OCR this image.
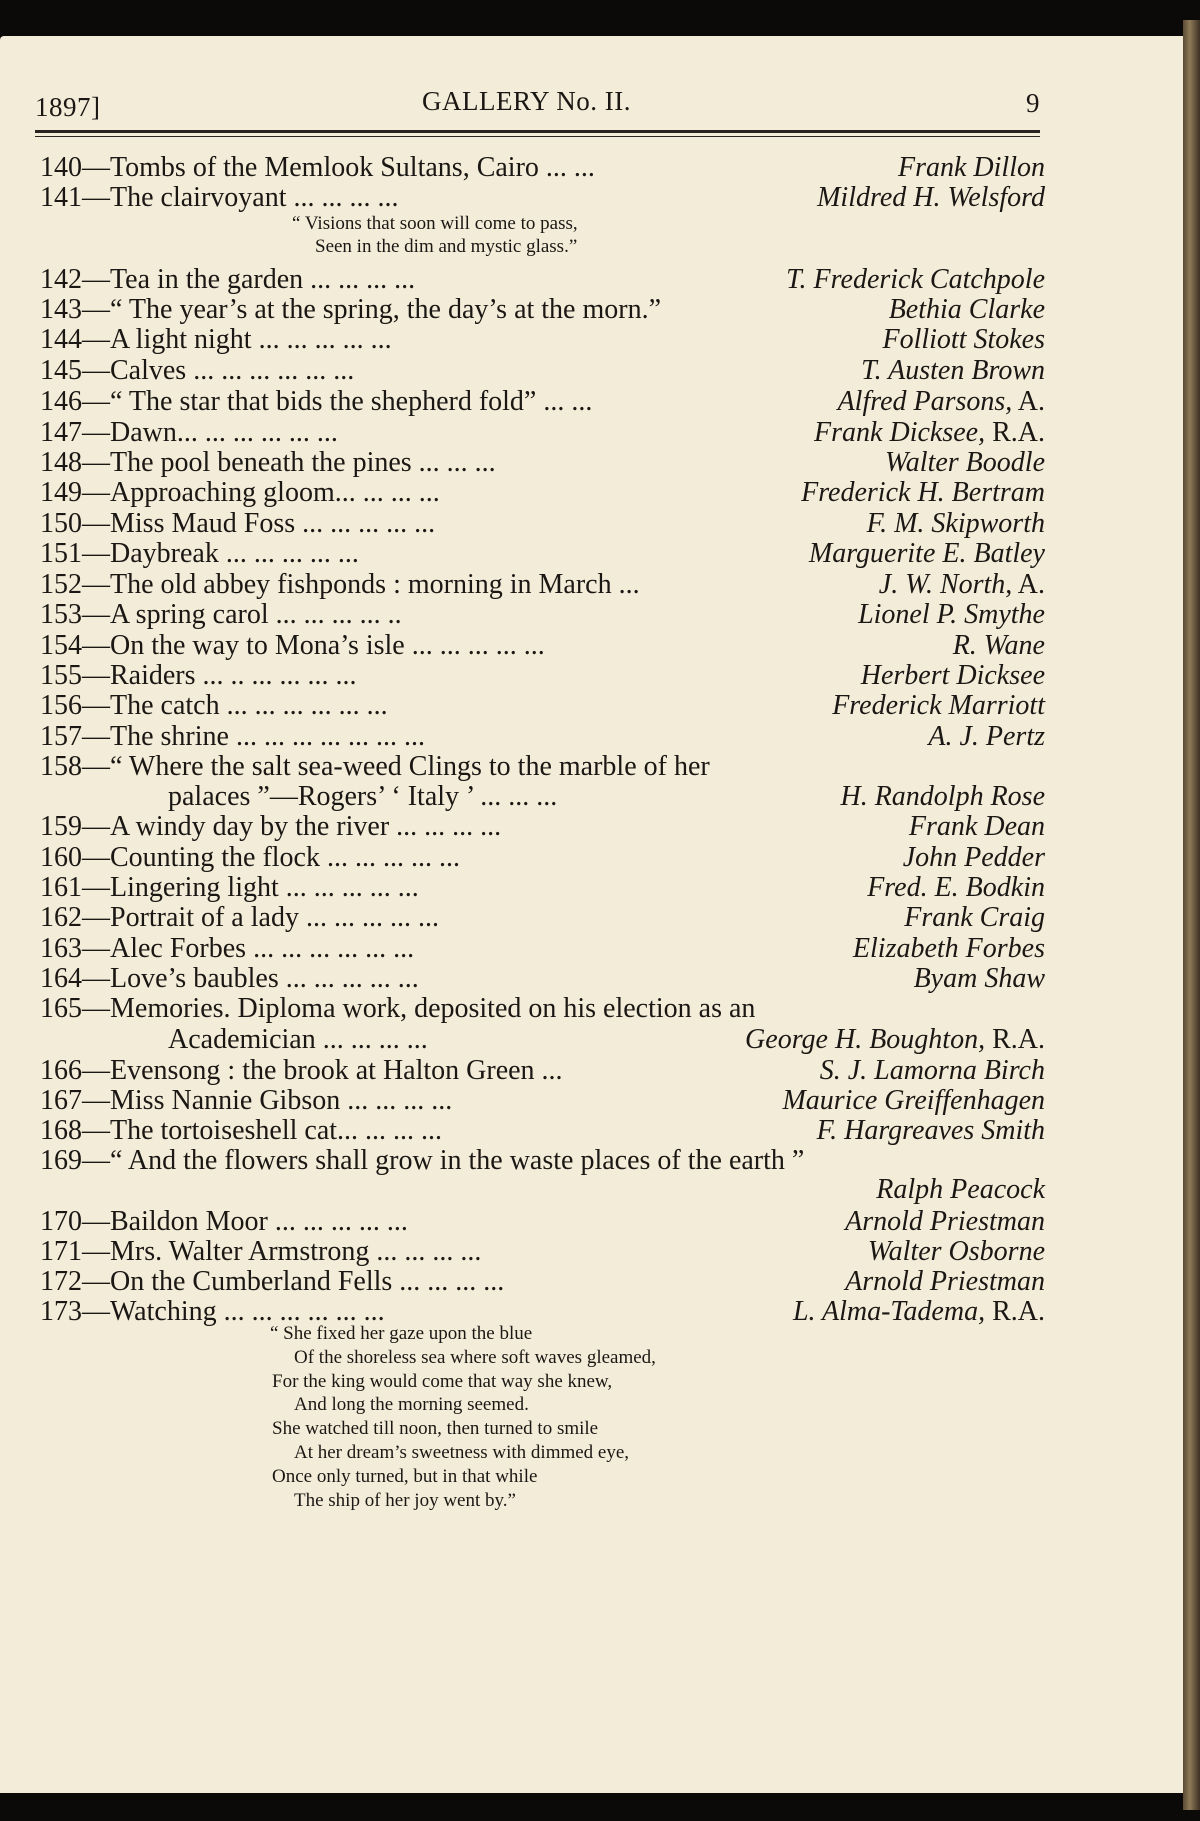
1897]	GALLERY No. II.	9
140—Tombs of the Memlook Sultans, Cairo ... ...	Frank Dillon
141—The clairvoyant ... ... ... ...	Mildred H. Welsford
142—Tea in the garden ... ... ... ...	T. Frederick Catchpole
143—“ The year’s at the spring, the day’s at the morn.”	Bethia Clarke
144—A light night ... ... ... ... ...	Folliott Stokes
145—Calves ... ... ... ... ... ...	T. Austen Brown
146—“ The star that bids the shepherd fold” ... ...	Alfred Parsons, A.
147—Dawn... ... ... ... ... ...	Frank Dicksee, R.A.
148—The pool beneath the pines ... ... ...	Walter Boodle
149—Approaching gloom... ... ... ...	Frederick H. Bertram
150—Miss Maud Foss ... ... ... ... ...	F. M. Skipworth
151—Daybreak ... ... ... ... ...	Marguerite E. Batley
152—The old abbey fishponds : morning in March ...	J. W. North, A.
153—A spring carol ... ... ... ... ..	Lionel P. Smythe
154—On the way to Mona’s isle ... ... ... ... ...	R. Wane
155—Raiders ... .. ... ... ... ...	Herbert Dicksee
156—The catch ... ... ... ... ... ...	Frederick Marriott
157—The shrine ... ... ... ... ... ... ...	A. J. Pertz
158—“ Where the salt sea-weed Clings to the marble of her
palaces ”—Rogers’ ‘ Italy ’ ... ... ...	H. Randolph Rose
159—A windy day by the river ... ... ... ...	Frank Dean
160—Counting the flock ... ... ... ... ...	John Pedder
161—Lingering light ... ... ... ... ...	Fred. E. Bodkin
162—Portrait of a lady ... ... ... ... ...	Frank Craig
163—Alec Forbes ... ... ... ... ... ...	Elizabeth Forbes
164—Love’s baubles ... ... ... ... ...	Byam Shaw
165—Memories. Diploma work, deposited on his election as an
Academician ... ... ... ...	George H. Boughton, R.A.
166—Evensong : the brook at Halton Green ...	S. J. Lamorna Birch
167—Miss Nannie Gibson ... ... ... ...	Maurice Greiffenhagen
168—The tortoiseshell cat... ... ... ...	F. Hargreaves Smith
169—“ And the flowers shall grow in the waste places of the earth ”
Ralph Peacock
170—Baildon Moor ... ... ... ... ...	Arnold Priestman
171—Mrs. Walter Armstrong ... ... ... ...	Walter Osborne
172—On the Cumberland Fells ... ... ... ...	Arnold Priestman
173—Watching ... ... ... ... ... ...	L. Alma-Tadema, R.A.
“ Visions that soon will come to pass,
Seen in the dim and mystic glass.”
“ She fixed her gaze upon the blue
Of the shoreless sea where soft waves gleamed,
For the king would come that way she knew,
And long the morning seemed.
She watched till noon, then turned to smile
At her dream’s sweetness with dimmed eye,
Once only turned, but in that while
The ship of her joy went by.”
